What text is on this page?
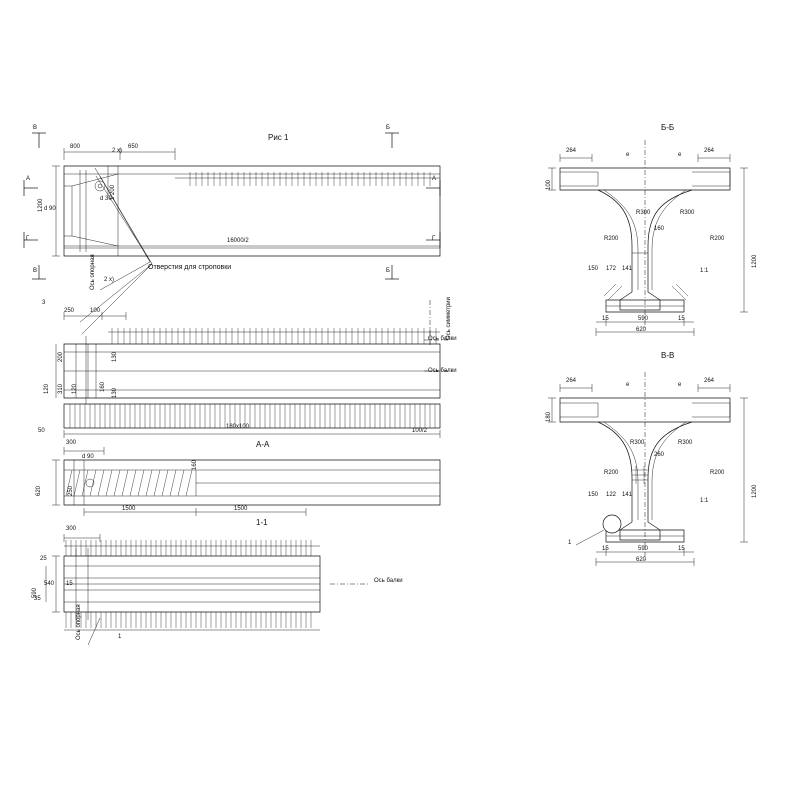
Рис 1
Б-Б
В-В
А-А
1-1
В
В
Б
Б
А
Г
А
Г
800	650
1200
2 x)
1 200
d 90
d 30
16000/2
Отверстия для строповки
Ось опорная 2 x)
3
250	100
200	130
130
160
120 310 120
50
180x100
100/2
Ось симметрии
Ось балки
Ось балки
300
620	250
d 90
160
1500	1500
300
25
590
540 15
35
Ось балки
Ось опорная	1
264	264
100
1200
R300	R300
R200	R200
160
150 172 141
15	590	15
620
1:1
e	e
264	264
180
1200
R300	R300
R200	R200
260
150 122 141
15	590	15
620
1:1
e	e
1
